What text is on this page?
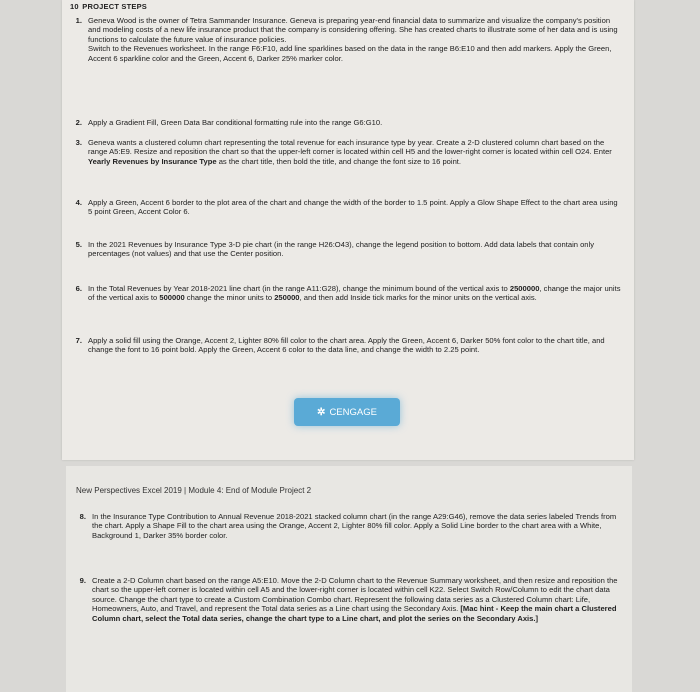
10 PROJECT STEPS
1. Geneva Wood is the owner of Tetra Sammander Insurance. Geneva is preparing year-end financial data to summarize and visualize the company's position and modeling costs of a new life insurance product that the company is considering offering. She has created charts to illustrate some of her data and is using functions to calculate the future value of insurance policies.
Switch to the Revenues worksheet. In the range F6:F10, add line sparklines based on the data in the range B6:E10 and then add markers. Apply the Green, Accent 6 sparkline color and the Green, Accent 6, Darker 25% marker color.
2. Apply a Gradient Fill, Green Data Bar conditional formatting rule into the range G6:G10.
3. Geneva wants a clustered column chart representing the total revenue for each insurance type by year. Create a 2-D clustered column chart based on the range A5:E9. Resize and reposition the chart so that the upper-left corner is located within cell H5 and the lower-right corner is located within cell O24. Enter Yearly Revenues by Insurance Type as the chart title, then bold the title, and change the font size to 16 point.
4. Apply a Green, Accent 6 border to the plot area of the chart and change the width of the border to 1.5 point. Apply a Glow Shape Effect to the chart area using 5 point Green, Accent Color 6.
5. In the 2021 Revenues by Insurance Type 3-D pie chart (in the range H26:O43), change the legend position to bottom. Add data labels that contain only percentages (not values) and that use the Center position.
6. In the Total Revenues by Year 2018-2021 line chart (in the range A11:G28), change the minimum bound of the vertical axis to 2500000, change the major units of the vertical axis to 500000 change the minor units to 250000, and then add Inside tick marks for the minor units on the vertical axis.
7. Apply a solid fill using the Orange, Accent 2, Lighter 80% fill color to the chart area. Apply the Green, Accent 6, Darker 50% font color to the chart title, and change the font to 16 point bold. Apply the Green, Accent 6 color to the data line, and change the width to 2.25 point.
✲ CENGAGE
New Perspectives Excel 2019 | Module 4: End of Module Project 2
8. In the Insurance Type Contribution to Annual Revenue 2018-2021 stacked column chart (in the range A29:G46), remove the data series labeled Trends from the chart. Apply a Shape Fill to the chart area using the Orange, Accent 2, Lighter 80% fill color. Apply a Solid Line border to the chart area with a White, Background 1, Darker 35% border color.
9. Create a 2-D Column chart based on the range A5:E10. Move the 2-D Column chart to the Revenue Summary worksheet, and then resize and reposition the chart so the upper-left corner is located within cell A5 and the lower-right corner is located within cell K22. Select Switch Row/Column to edit the chart data source. Change the chart type to create a Custom Combination Combo chart. Represent the following data series as a Clustered Column chart: Life, Homeowners, Auto, and Travel, and represent the Total data series as a Line chart using the Secondary Axis. [Mac hint - Keep the main chart a Clustered Column chart, select the Total data series, change the chart type to a Line chart, and plot the series on the Secondary Axis.]
